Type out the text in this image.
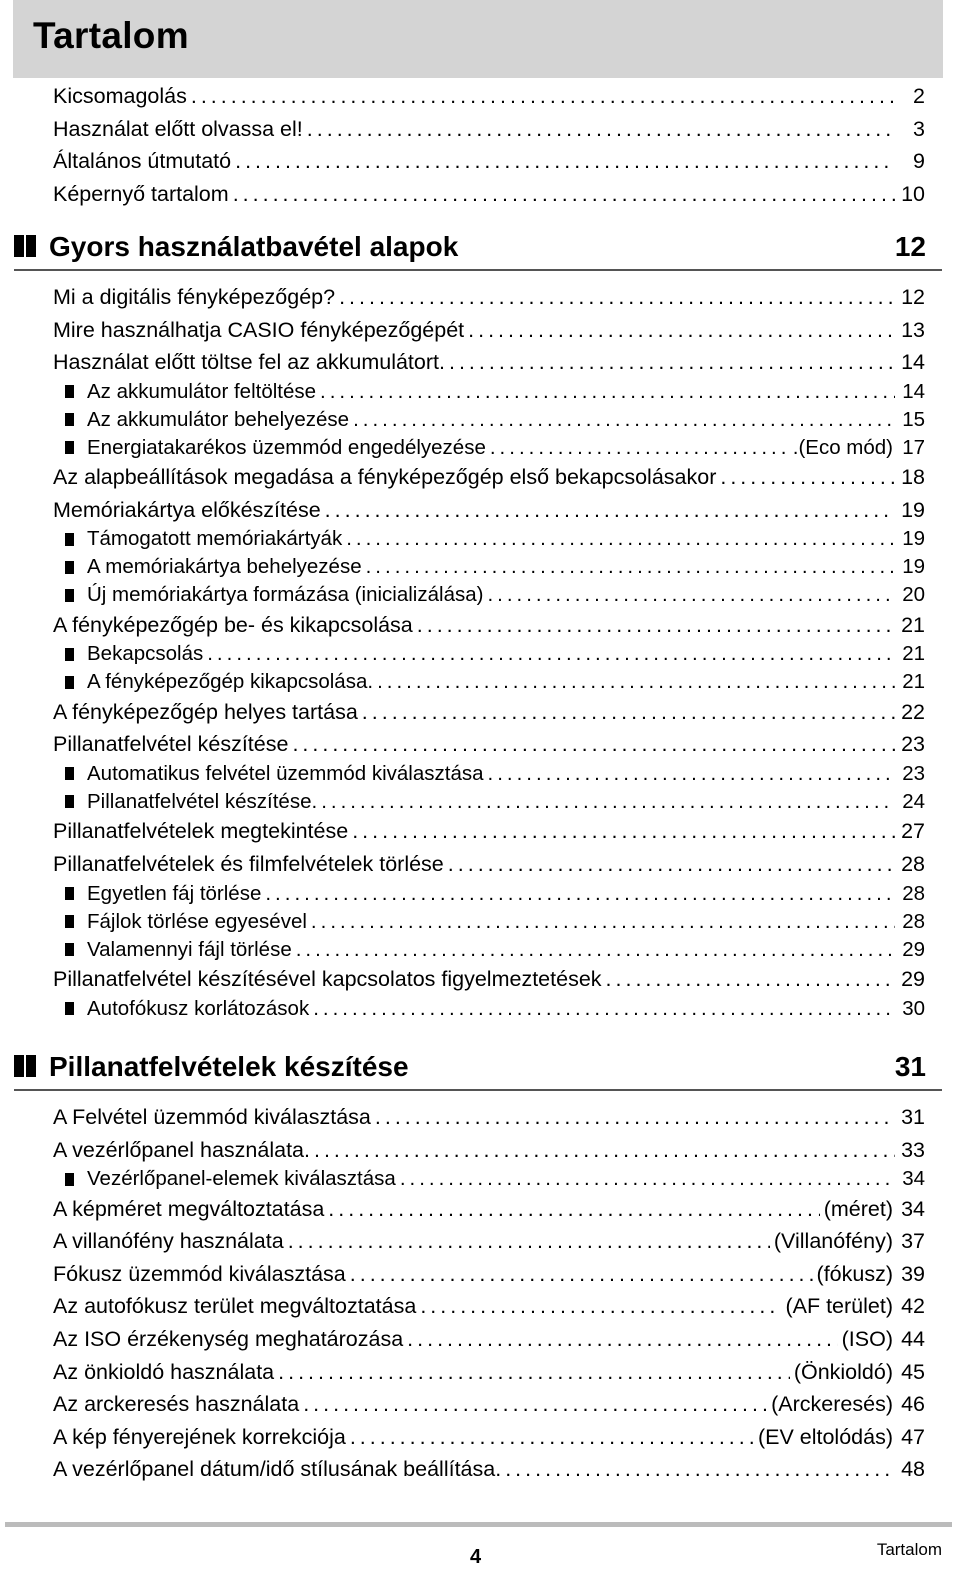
Tartalom
Kicsomagolás .....	2
Használat előtt olvassa el! .....	3
Általános útmutató .....	9
Képernyő tartalom .....	10
Gyors használatbavétel alapok	12
Mi a digitális fényképezőgép? .....	12
Mire használhatja CASIO fényképezőgépét .....	13
Használat előtt töltse fel az akkumulátort. .....	14
Az akkumulátor feltöltése .....	14
Az akkumulátor behelyezése .....	15
Energiatakarékos üzemmód engedélyezése .....	.(Eco mód) 17
Az alapbeállítások megadása a fényképezőgép első bekapcsolásakor .....	18
Memóriakártya előkészítése .....	19
Támogatott memóriakártyák .....	19
A memóriakártya behelyezése .....	19
Új memóriakártya formázása (inicializálása) .....	20
A fényképezőgép be- és kikapcsolása .....	21
Bekapcsolás .....	21
A fényképezőgép kikapcsolása. .....	21
A fényképezőgép helyes tartása .....	22
Pillanatfelvétel készítése .....	23
Automatikus felvétel üzemmód kiválasztása .....	23
Pillanatfelvétel készítése. .....	24
Pillanatfelvételek megtekintése .....	27
Pillanatfelvételek és filmfelvételek törlése .....	28
Egyetlen fáj törlése .....	28
Fájlok törlése egyesével .....	28
Valamennyi fájl törlése .....	29
Pillanatfelvétel készítésével kapcsolatos figyelmeztetések .....	29
Autofókusz korlátozások .....	30
Pillanatfelvételek készítése	31
A Felvétel üzemmód kiválasztása .....	31
A vezérlőpanel használata. .....	33
Vezérlőpanel-elemek kiválasztása .....	34
A képméret megváltoztatása .....	(méret) 34
A villanófény használata .....	(Villanófény) 37
Fókusz üzemmód kiválasztása .....	(fókusz) 39
Az autofókusz terület megváltoztatása .....	(AF terület) 42
Az ISO érzékenység meghatározása .....	(ISO) 44
Az önkioldó használata .....	(Önkioldó) 45
Az arckeresés használata .....	(Arckeresés) 46
A kép fényerejének korrekciója .....	(EV eltolódás) 47
A vezérlőpanel dátum/idő stílusának beállítása. .....	48
4	Tartalom
